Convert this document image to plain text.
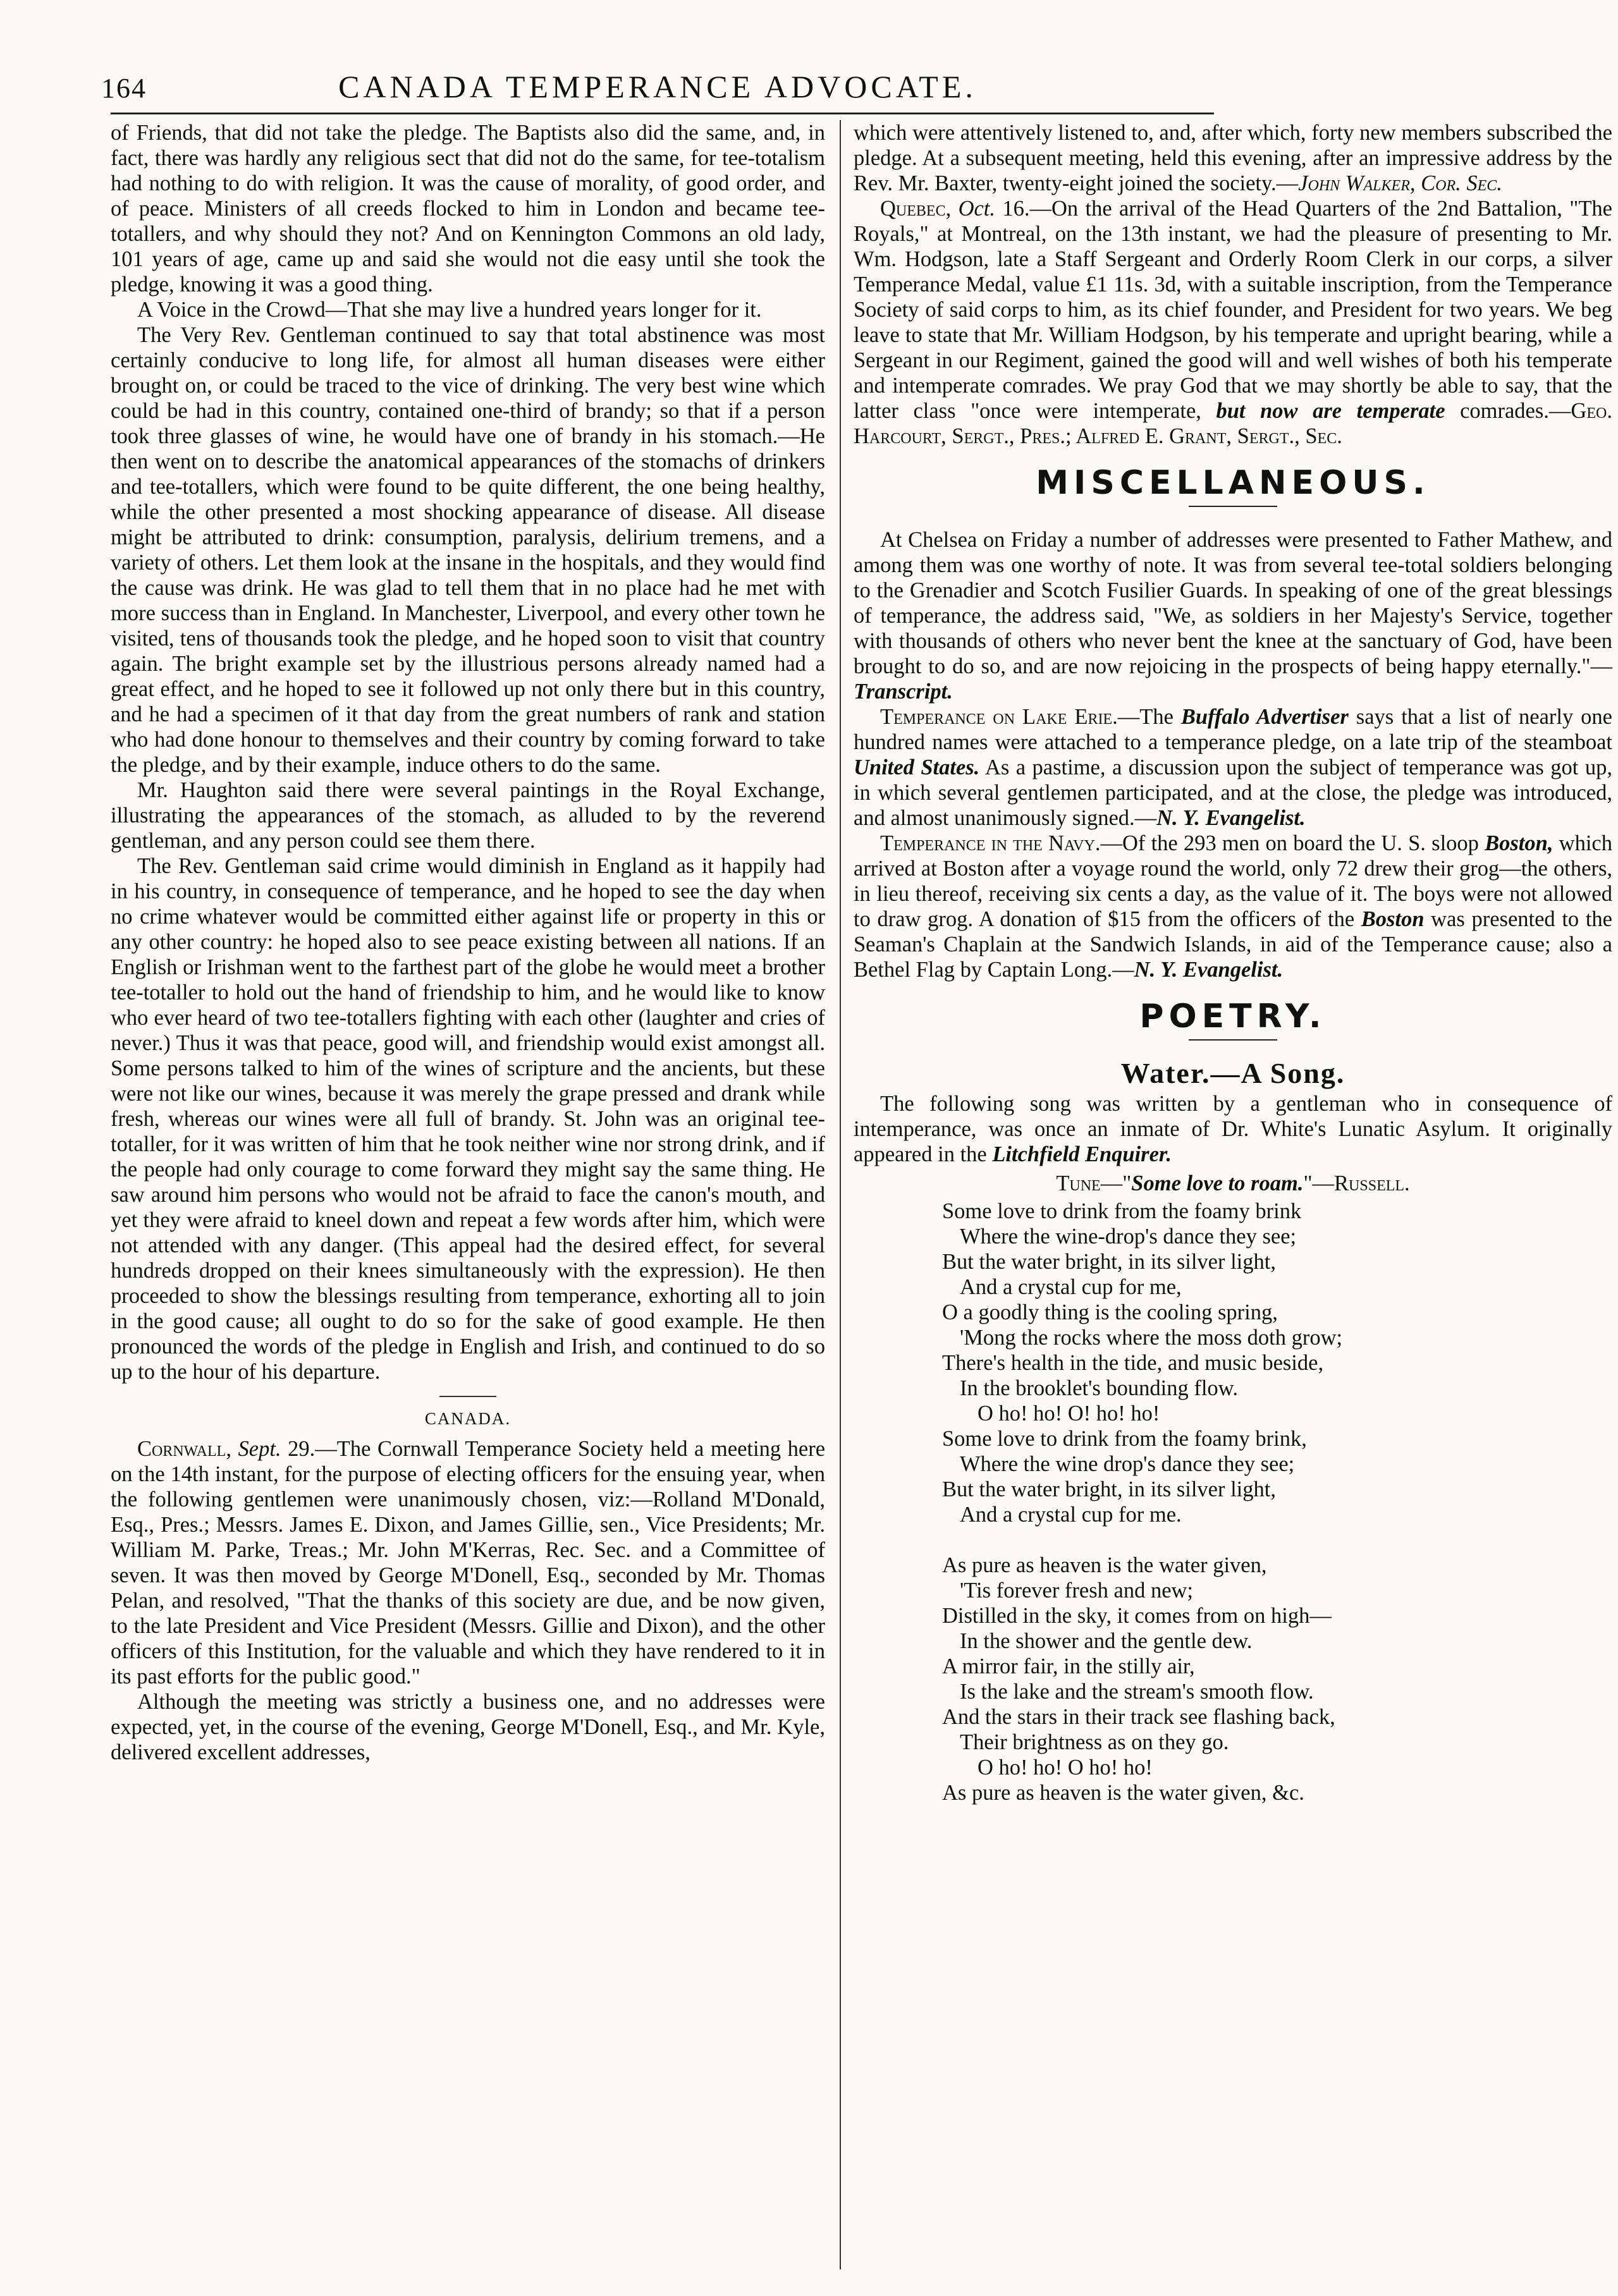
164	CANADA TEMPERANCE ADVOCATE.

of Friends, that did not take the pledge. The Baptists also did the same, and, in fact, there was hardly any religious sect that did not do the same, for tee-totalism had nothing to do with religion. It was the cause of morality, of good order, and of peace. Ministers of all creeds flocked to him in London and became tee-totallers, and why should they not? And on Kennington Commons an old lady, 101 years of age, came up and said she would not die easy until she took the pledge, knowing it was a good thing.

A Voice in the Crowd—That she may live a hundred years longer for it.

The Very Rev. Gentleman continued to say that total abstinence was most certainly conducive to long life, for almost all human diseases were either brought on, or could be traced to the vice of drinking. The very best wine which could be had in this country, contained one-third of brandy; so that if a person took three glasses of wine, he would have one of brandy in his stomach.—He then went on to describe the anatomical appearances of the stomachs of drinkers and tee-totallers, which were found to be quite different, the one being healthy, while the other presented a most shocking appearance of disease. All disease might be attributed to drink: consumption, paralysis, delirium tremens, and a variety of others. Let them look at the insane in the hospitals, and they would find the cause was drink. He was glad to tell them that in no place had he met with more success than in England. In Manchester, Liverpool, and every other town he visited, tens of thousands took the pledge, and he hoped soon to visit that country again. The bright example set by the illustrious persons already named had a great effect, and he hoped to see it followed up not only there but in this country, and he had a specimen of it that day from the great numbers of rank and station who had done honour to themselves and their country by coming forward to take the pledge, and by their example, induce others to do the same.

Mr. Haughton said there were several paintings in the Royal Exchange, illustrating the appearances of the stomach, as alluded to by the reverend gentleman, and any person could see them there.

The Rev. Gentleman said crime would diminish in England as it happily had in his country, in consequence of temperance, and he hoped to see the day when no crime whatever would be committed either against life or property in this or any other country: he hoped also to see peace existing between all nations. If an English or Irishman went to the farthest part of the globe he would meet a brother tee-totaller to hold out the hand of friendship to him, and he would like to know who ever heard of two tee-totallers fighting with each other (laughter and cries of never.) Thus it was that peace, good will, and friendship would exist amongst all. Some persons talked to him of the wines of scripture and the ancients, but these were not like our wines, because it was merely the grape pressed and drank while fresh, whereas our wines were all full of brandy. St. John was an original tee-totaller, for it was written of him that he took neither wine nor strong drink, and if the people had only courage to come forward they might say the same thing. He saw around him persons who would not be afraid to face the canon's mouth, and yet they were afraid to kneel down and repeat a few words after him, which were not attended with any danger. (This appeal had the desired effect, for several hundreds dropped on their knees simultaneously with the expression). He then proceeded to show the blessings resulting from temperance, exhorting all to join in the good cause; all ought to do so for the sake of good example. He then pronounced the words of the pledge in English and Irish, and continued to do so up to the hour of his departure.

CANADA.

Cornwall, Sept. 29.—The Cornwall Temperance Society held a meeting here on the 14th instant, for the purpose of electing officers for the ensuing year, when the following gentlemen were unanimously chosen, viz:—Rolland M'Donald, Esq., Pres.; Messrs. James E. Dixon, and James Gillie, sen., Vice Presidents; Mr. William M. Parke, Treas.; Mr. John M'Kerras, Rec. Sec. and a Committee of seven. It was then moved by George M'Donell, Esq., seconded by Mr. Thomas Pelan, and resolved, "That the thanks of this society are due, and be now given, to the late President and Vice President (Messrs. Gillie and Dixon), and the other officers of this Institution, for the valuable and which they have rendered to it in its past efforts for the public good."

Although the meeting was strictly a business one, and no addresses were expected, yet, in the course of the evening, George M'Donell, Esq., and Mr. Kyle, delivered excellent addresses,

which were attentively listened to, and, after which, forty new members subscribed the pledge. At a subsequent meeting, held this evening, after an impressive address by the Rev. Mr. Baxter, twenty-eight joined the society.—John Walker, Cor. Sec.

Quebec, Oct. 16.—On the arrival of the Head Quarters of the 2nd Battalion, "The Royals," at Montreal, on the 13th instant, we had the pleasure of presenting to Mr. Wm. Hodgson, late a Staff Sergeant and Orderly Room Clerk in our corps, a silver Temperance Medal, value £1 11s. 3d, with a suitable inscription, from the Temperance Society of said corps to him, as its chief founder, and President for two years. We beg leave to state that Mr. William Hodgson, by his temperate and upright bearing, while a Sergeant in our Regiment, gained the good will and well wishes of both his temperate and intemperate comrades. We pray God that we may shortly be able to say, that the latter class "once were intemperate, but now are temperate comrades.—Geo. Harcourt, Sergt., Pres.; Alfred E. Grant, Sergt., Sec.

MISCELLANEOUS.

At Chelsea on Friday a number of addresses were presented to Father Mathew, and among them was one worthy of note. It was from several tee-total soldiers belonging to the Grenadier and Scotch Fusilier Guards. In speaking of one of the great blessings of temperance, the address said, "We, as soldiers in her Majesty's Service, together with thousands of others who never bent the knee at the sanctuary of God, have been brought to do so, and are now rejoicing in the prospects of being happy eternally."—Transcript.

Temperance on Lake Erie.—The Buffalo Advertiser says that a list of nearly one hundred names were attached to a temperance pledge, on a late trip of the steamboat United States. As a pastime, a discussion upon the subject of temperance was got up, in which several gentlemen participated, and at the close, the pledge was introduced, and almost unanimously signed.—N. Y. Evangelist.

Temperance in the Navy.—Of the 293 men on board the U. S. sloop Boston, which arrived at Boston after a voyage round the world, only 72 drew their grog—the others, in lieu thereof, receiving six cents a day, as the value of it. The boys were not allowed to draw grog. A donation of $15 from the officers of the Boston was presented to the Seaman's Chaplain at the Sandwich Islands, in aid of the Temperance cause; also a Bethel Flag by Captain Long.—N. Y. Evangelist.

POETRY.
Water.—A Song.

The following song was written by a gentleman who in consequence of intemperance, was once an inmate of Dr. White's Lunatic Asylum. It originally appeared in the Litchfield Enquirer.

Tune—"Some love to roam."—Russell.
Some love to drink from the foamy brink
Where the wine-drop's dance they see;
But the water bright, in its silver light,
And a crystal cup for me,
O a goodly thing is the cooling spring,
'Mong the rocks where the moss doth grow;
There's health in the tide, and music beside,
In the brooklet's bounding flow.
O ho! ho! O! ho! ho!
Some love to drink from the foamy brink,
Where the wine drop's dance they see;
But the water bright, in its silver light,
And a crystal cup for me.
As pure as heaven is the water given,
'Tis forever fresh and new;
Distilled in the sky, it comes from on high—
In the shower and the gentle dew.
A mirror fair, in the stilly air,
Is the lake and the stream's smooth flow.
And the stars in their track see flashing back,
Their brightness as on they go.
O ho! ho! O ho! ho!
As pure as heaven is the water given, &c.
